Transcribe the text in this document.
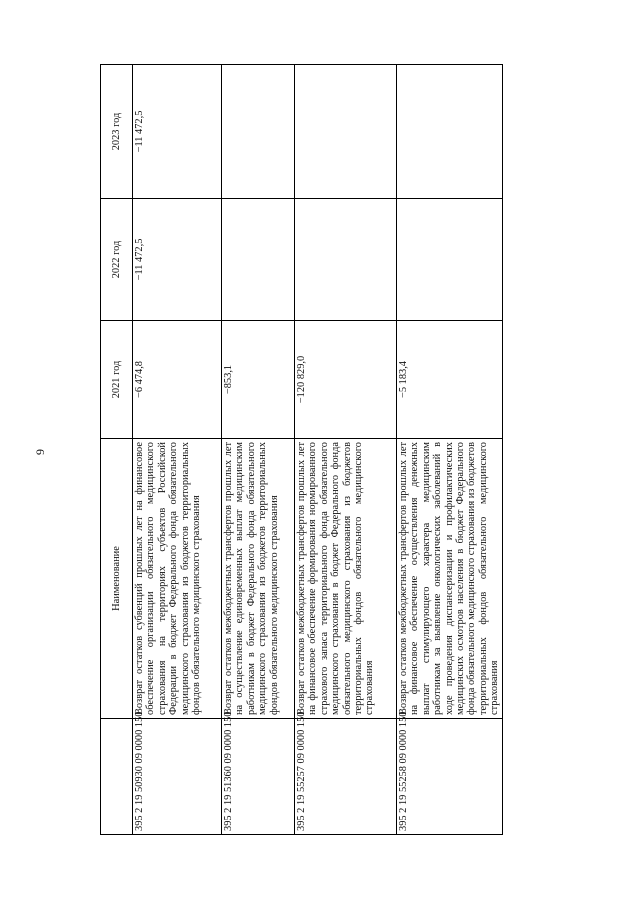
9
	Наименование	2021 год	2022 год	2023 год
395 2 19 50930 09 0000 150	Возврат остатков субвенций прошлых лет на финансовое обеспечение организации обязательного медицинского страхования на территориях субъектов Российской Федерации в бюджет Федерального фонда обязательного медицинского страхования из бюджетов территориальных фондов обязательного медицинского страхования	−6 474,8	−11 472,5	−11 472,5
395 2 19 51360 09 0000 150	Возврат остатков межбюджетных трансфертов прошлых лет на осуществление единовременных выплат медицинским работникам в бюджет Федерального фонда обязательного медицинского страхования из бюджетов территориальных фондов обязательного медицинского страхования	−853,1		
395 2 19 55257 09 0000 150	Возврат остатков межбюджетных трансфертов прошлых лет на финансовое обеспечение формирования нормированного страхового запаса территориального фонда обязательного медицинского страхования в бюджет Федерального фонда обязательного медицинского страхования из бюджетов территориальных фондов обязательного медицинского страхования	−120 829,0		
395 2 19 55258 09 0000 150	Возврат остатков межбюджетных трансфертов прошлых лет на финансовое обеспечение осуществления денежных выплат стимулирующего характера медицинским работникам за выявление онкологических заболеваний в ходе проведения диспансеризации и профилактических медицинских осмотров населения в бюджет Федерального фонда обязательного медицинского страхования из бюджетов территориальных фондов обязательного медицинского страхования	−5 183,4		
